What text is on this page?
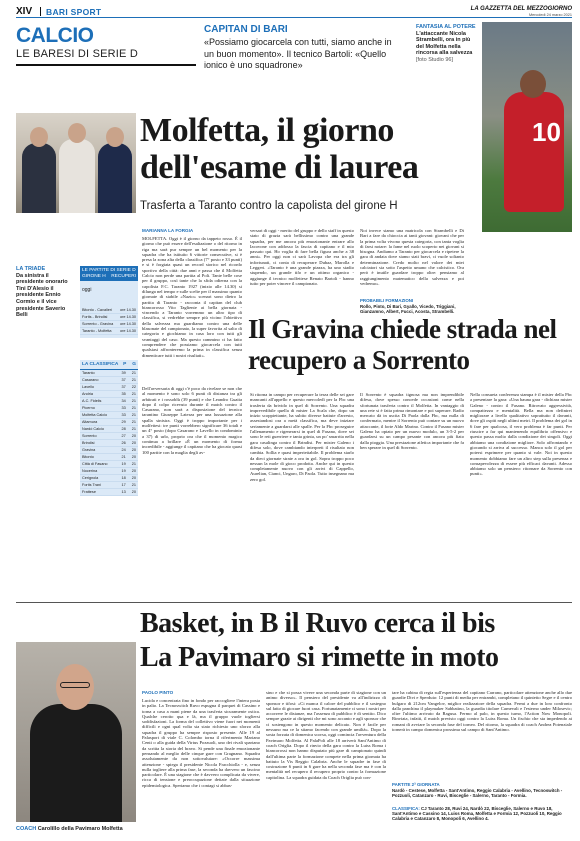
XIV BARI SPORT	LA GAZZETTA DEL MEZZOGIORNO
Mercoledì 24 marzo 2021
CALCIO
LE BARESI DI SERIE D
CAPITAN DI BARI
«Possiamo giocarcela con tutti, siamo anche in un buon momento». Il tecnico Bartoli: «Quello ionico è uno squadrone»
FANTASIA AL POTERE
L'attaccante Nicola Strambelli, ora in più del Molfetta nella rincorsa alla salvezza
[foto Studio 96]
10
Molfetta, il giorno dell'esame di laurea
Trasferta a Taranto contro la capolista del girone H
LA TRIADE
Da sinistra il presidente onorario Tini D'Alesio il presidente Ennio Cormio e il vice presidente Saverio Belli
LE PARTITE DI SERIE D
GIRONE H RECUPERI
oggi
Bitonto - Cavalieri ore 14.30
Fortis - Brindisi	ore 14.30
Sorrento - Gravina ore 14.30
Taranto - Molfetta ore 14.30
LA CLASSIFICA P G
Taranto	39 21
Casarano	37 21
Lavello	37 22
Andria	35 21
A.C. Fidelis	34 21
Picerno	33 21
Molfetta Calcio	33 21
Altamura	29 21
Nardò Calcio	28 21
Sorrento	27 20
Brindisi	26 20
Gravina	24 20
Bitonto	21 20
Città di Fasano	19 21
Nocerina	19 20
Cerignola	18 20
Fortis Trani	17 21
Frattese	13 20
MARIANNA LA FORGIA
MOLFETTA. Oggi è il giorno da tappeto rosso. È il giorno che può essere dell'esaltazione o del ritorno in riga ma sarà pur sempre un bel momento per la squadra che ha istituito 6 vittorie consecutive, si è presa la zona alta della classifica (7° posto e 33 punti) e si è forgiata quasi un record storico nel ricordo sportivo della città: due anni e passa che il Molfetta Calcio non perde una partita al Poli. Tante belle cose per il gruppo, così tante che la sfida odierna con la capolista F.C. Taranto 1927 (inizio alle 14.30) si dilunga nel tempo e sulle scelte per il massimo quanto giornate di stabile «Nazio» scenari sono dietro la partita di Taranto - racconta il capitan del club biancorosso Vito Tagliente ai bella giornata - vincendo a Taranto vorremmo un altro tipo di classifica, si vedrebbe sempre più vicino l'obiettivo della salvezza ma guardiamo contro una delle blasonate del campionato, la super favorita al salto di categoria e giochiamo in casa loro con tutti gli svantaggi del caso. Ma questo cammino ci ha fatto comprendere che possiamo giocarcela con tutti qualsiasi affronteremo la prima in classifica senza dimenticare tutti i nostri risultati».
Dell'avversaria di oggi c'è poco da rivelare se non che al momento è sono solo 6 punti di distanza tra gli arbitrati e i rossoblù (39 punti) e che Leandro Guaita dopo il colpo ricevuto durante il match contro il Casarano, non sarà a disposizione del tecnico tarantino Giuseppe Laterza per una lussazione alla spalla sinistra. Oggi è troppo importante per i molfettesi: tre punti vorrebbero significare 36 totali e un 4° posto (dopo Casarano e Lavello in condominio a 37) di urlo, proprio ora che il momento magico continua a brillare «È un momento di forma incredibile - aggiunge il capitano che ha giocato quasi 100 partite con la maglia degli av-
versari di oggi - merito del gruppo e dello staff in questo stato di grazia sarà bellissimo contro una grande squadra, per me ancora più emozionante entrare allo Iacovone con addosso la fascia di capitano e il mio passato qui. Ho voglia di fare bella figura anche a 38 anni». Per oggi non ci sarà Lavopa che era tra gli infortunati, ci conta di recuperare Dubaz, Marolla e Leggeri. «Taranto è una grande piazza, ha uno stadio stupendo, un grande tifo e un ottimo organico - aggiunge il tecnico molfettese Renato Bartoli - hanno tutto per poter vincere il campionato.
Noi invece siamo una matricola con Strambelli e Di Bari a fare da chioccia ai tanti giovani: giovani che per la prima volta vivono questa categoria, con tanta voglia di farsi notare: la fame nel ruolo scoperto nei giovani si bisogna. Andiamo a Taranto per giocarcela e ripetere la gara di andata dove siamo stati bravi, ci vuole soltanto determinazione. Credo molto nel valore dei miei calciatori sia sotto l'aspetto umano che calcistico. Ora però è inutile guardare troppo oltre: pensiamo al raggiungimento matematico della salvezza e poi vedremo».
PROBABILI FORMAZIONI
Rollo, Pinto, Di Bari, Gyallo, Vicedo, Triggiani, Gianzamno, Albert, Fucci, Acosta, Strambelli.
Il Gravina chiede strada nel recupero a Sorrento
Si ritorna in campo per recuperare la terza delle sei gare mancanti all'appello e questo mercoledì per la Fbc una trasferta da brivido in quel di Sorrento. Una squadra imprevedibile quella di mister La Scala che, dopo un inizio scoppiettante, ha subito diverse battute d'arresto, assestandosi ora a metà classifica, ma deve iniziare seriamente a guardarsi alle spalle. Per la Fbc proseguire l'allenamento e rigenerarsi in quel di Fasano, dove sei sono le reti guerriere e tanta grinta, un po' smarrita nella gara casalinga contro il Brindisi. Per mister Galeno i difesa solo, dove cambiando interpreti il risultato non cambia. Sollia e quasi imperiettabile. Il problema starlo da dieci giornate strate a ora in gol. Sopra troppo poco nessun la mole di gioco prodotta. Anche qui in questo completamente nuovo con gli arrivi di Cappello, Aurelian, Cianci, Ungaro, Di Paola. Tutto insegnano ma zero gol.
Il Sorrento è squadra tignosa ma non imprendibile difesa, dove spesso concede occasioni come nella sfortunata trasferta contro il Molfetta. In vantaggio di una rete si è fatta prima rimontare e poi superare. Radio mercato dà in uscita Di Paola dalla Fbc, ma nulla di confermato, mentre il Sorrento può contare su un nuovo attaccante, il forte Aldo Marino. Contro il Fasano mister Galeno ha optato per un nuovo modulo, un 3-5-2 per guardarsi su un campo pesante con ancora più fiato dalla pioggia. Una prestazione atletica importante che fa ben sperare in quel di Sorrento.
Nella consueta conferenza stampa è il mister della Fbc a presentare la gara: «Una bauna gara - dichiara mister Galeno - contro il Fasano. Ritrovato aggressività, compattezza e mentalità. Bella ma non definirei migliorare a livello qualitativo soprattutto il davanti, dove gli ospiti negli ultimi metri. Il problema dei gol in 6 fare per qualcosa, il vero problema è far punti. Per riuscire a far qui mantenendo equilibrio offensivo e questo passa molto dalla condizione dei singoli. Oggi abbiamo una condizione migliore. Solo affrontando e giocando si arriva al successo. Manca solo il gol per potersi esprimere per quanto si vale. Noi in questo momento dobbiamo fare un altro step sulla presenza e consapevolezza di essere più efficaci davanti. Adesso abbiamo solo un pensiero: ritornare da Sorrento con punti».
Basket, in B il Ruvo cerca il bis
La Pavimaro si rimette in moto
COACH Carolillo della Pavimaro Molfetta
PAOLO PINTO
Lucida e concentrata fino in fondo per raccogliere l'intera posta in palio. La Tecnoswitch Ruvo espugna il parquet di Cassino e torna a casa a mani piene da una trasferta sicuramente ostica. Qualche cerotto qua e là, ma il gruppo vuole togliersi soddisfazioni. La forma del collettivo viene fuori nei momenti difficili e ogni qual volta sia stato richiesto uno sforzo alla squadra il gruppo ha sempre risposto presente. Alle 19 al Palasport di viale C. Colombo torna il riferimento Mariano Centi o alla guida della Virtus Pozzuoli, uno dei rivali spartano da scritta la storia del bravo. Si pende una finale emozionante pensando al meglio delle cinque gare con Gragnano. Squadra assolutamente da non sottovalutare: «Occorre massima attenzione - spiega il presidente Nicola Fracchiolla - e, senza nulla togliere alla prima fase, la seconda ha davvero un fascino particolare. È una stagione che è davvero complicata da vivere, ricca di tensione e preoccupazione dettate dalla situazione epidemiologica. Speriamo che i contagi si abbas-
sino e che si possa vivere una seconda parte di stagione con un animo diverso». Il pensiero del presidente va all'indirizzo di sponsor e tifosi: «Ci manca il calore del pubblico e il sostegno sul fatto di giocare fuori casa. Fortunatamente ci sono i nostri per accorrere le distanze, ma l'assenza di pubblico è di sentito. Dico sempre grazie ai dirigenti che mi sono accanto e agli sponsor che ci sostengono in questo momento delicato. Non è facile per nessuno ma ce la stiamo facendo con grande umiltà». Dopo la sosta forzata di domenica scorsa, oggi comincia l'avventura della Pavimaro Molfetta. Al PalaPoli alle 18 arriverà Sant'Antimo di coach Origlia. Dopo il rinvio della gara contro la Luiss Roma i biancorossi non hanno disputato più gare di campionato quindi dall'ultima parte la formazione compete nella prima giornata ha battuto la Vis Reggio Calabria. Anche le squadre in fase di costruzione 6 punti in 6 gare ha nella seconda fase ma è con la mentalità nel recupero il recupero proprio contro la formazione capitolina. La squadra guidata da Coach Origlia può con-
tare ha cabina di regia sull'esperienza del capitano Carrano, particolare attenzione anche allo due guardie Divi e Sperduto: 12 punti di media per entrambi, completano il quintetto Segre e il centro bulgaro di 212cm Vangelov, miglior realizzatore della squadra. Fermi a due in loro confronto dalla panchina il playmaker Sabbatino, la guardia titolare Carnevali e l'esterno under Milosevic; oltre l'ultimo arrivato da Ragusa. Fermo al palo, in questo turno, l'Action Now Monopoli. Rinviata, infatti, il match previsto oggi contro la Luiss Roma. Un fischio che sta impedendo ai romani di avviare la seconda fase del torneo. Del ritorno, la squadra di coach Andrea Potenziale tornerà in campo domenica prossima sul campo di Sant'Antimo.
PARTITE 2ª GIORNATA
Nardò - Cestese, Molfetta - Sant'Antimo, Reggio Calabria - Avellino, Tecnoswitch - Pozzuoli, Catanzaro - Ruvi, Bisceglie - Salerno, Taranto - Formia.
CLASSIFICA: CJ Taranto 28, Ruvi 24, Nardò 22, Bisceglie, Salerno e Ruvo 18, Sant'Antimo e Cassino 14, Luiss Roma, Molfetta e Formia 12, Pozzuoli 10, Reggio Calabria e Catanzaro 8, Monopoli 6, Avellino 4.
